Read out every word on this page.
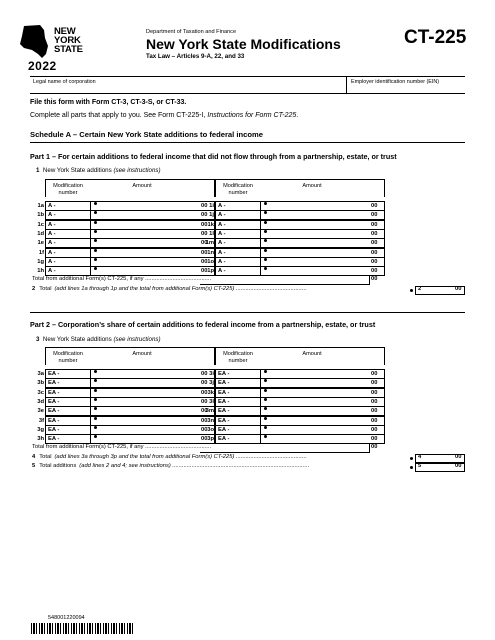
NEW
YORK
STATE
2022
Department of Taxation and Finance
New York State Modifications
Tax Law – Articles 9-A, 22, and 33
CT-225
Legal name of corporation	Employer identification number (EIN)
File this form with Form CT-3, CT-3-S, or CT-33.
Complete all parts that apply to you. See Form CT-225-I, Instructions for Form CT-225.
Schedule A – Certain New York State additions to federal income
Part 1 – For certain additions to federal income that did not flow through from a partnership, estate, or trust
1 New York State additions (see instructions)
Modification number
Amount
1a A -	00
1b A -	00
1c A -	00
1d A -	00
1e A -	00
1f A -	00
1g A -	00
1h A -	00
Modification number
Amount
1i A -	00
1j A -	00
1k A -	00
1l A -	00
1m A -	00
1n A -	00
1o A -	00
1p A -	00
Total from additional Form(s) CT-225, if any .........................................	00
2 Total (add lines 1a through 1p and the total from additional Form(s) CT-225) ............................................	2	00
Part 2 – Corporation’s share of certain additions to federal income from a partnership, estate, or trust
3 New York State additions (see instructions)
Modification number
Amount
3a EA -	00
3b EA -	00
3c EA -	00
3d EA -	00
3e EA -	00
3f EA -	00
3g EA -	00
3h EA -	00
Modification number
Amount
3i EA -	00
3j EA -	00
3k EA -	00
3l EA -	00
3m EA -	00
3n EA -	00
3o EA -	00
3p EA -	00
Total from additional Form(s) CT-225, if any .........................................	00
4 Total (add lines 3a through 3p and the total from additional Form(s) CT-225) ............................................	4	00
5 Total additions (add lines 2 and 4; see instructions) .....................................................................................	5	00
548001220094
